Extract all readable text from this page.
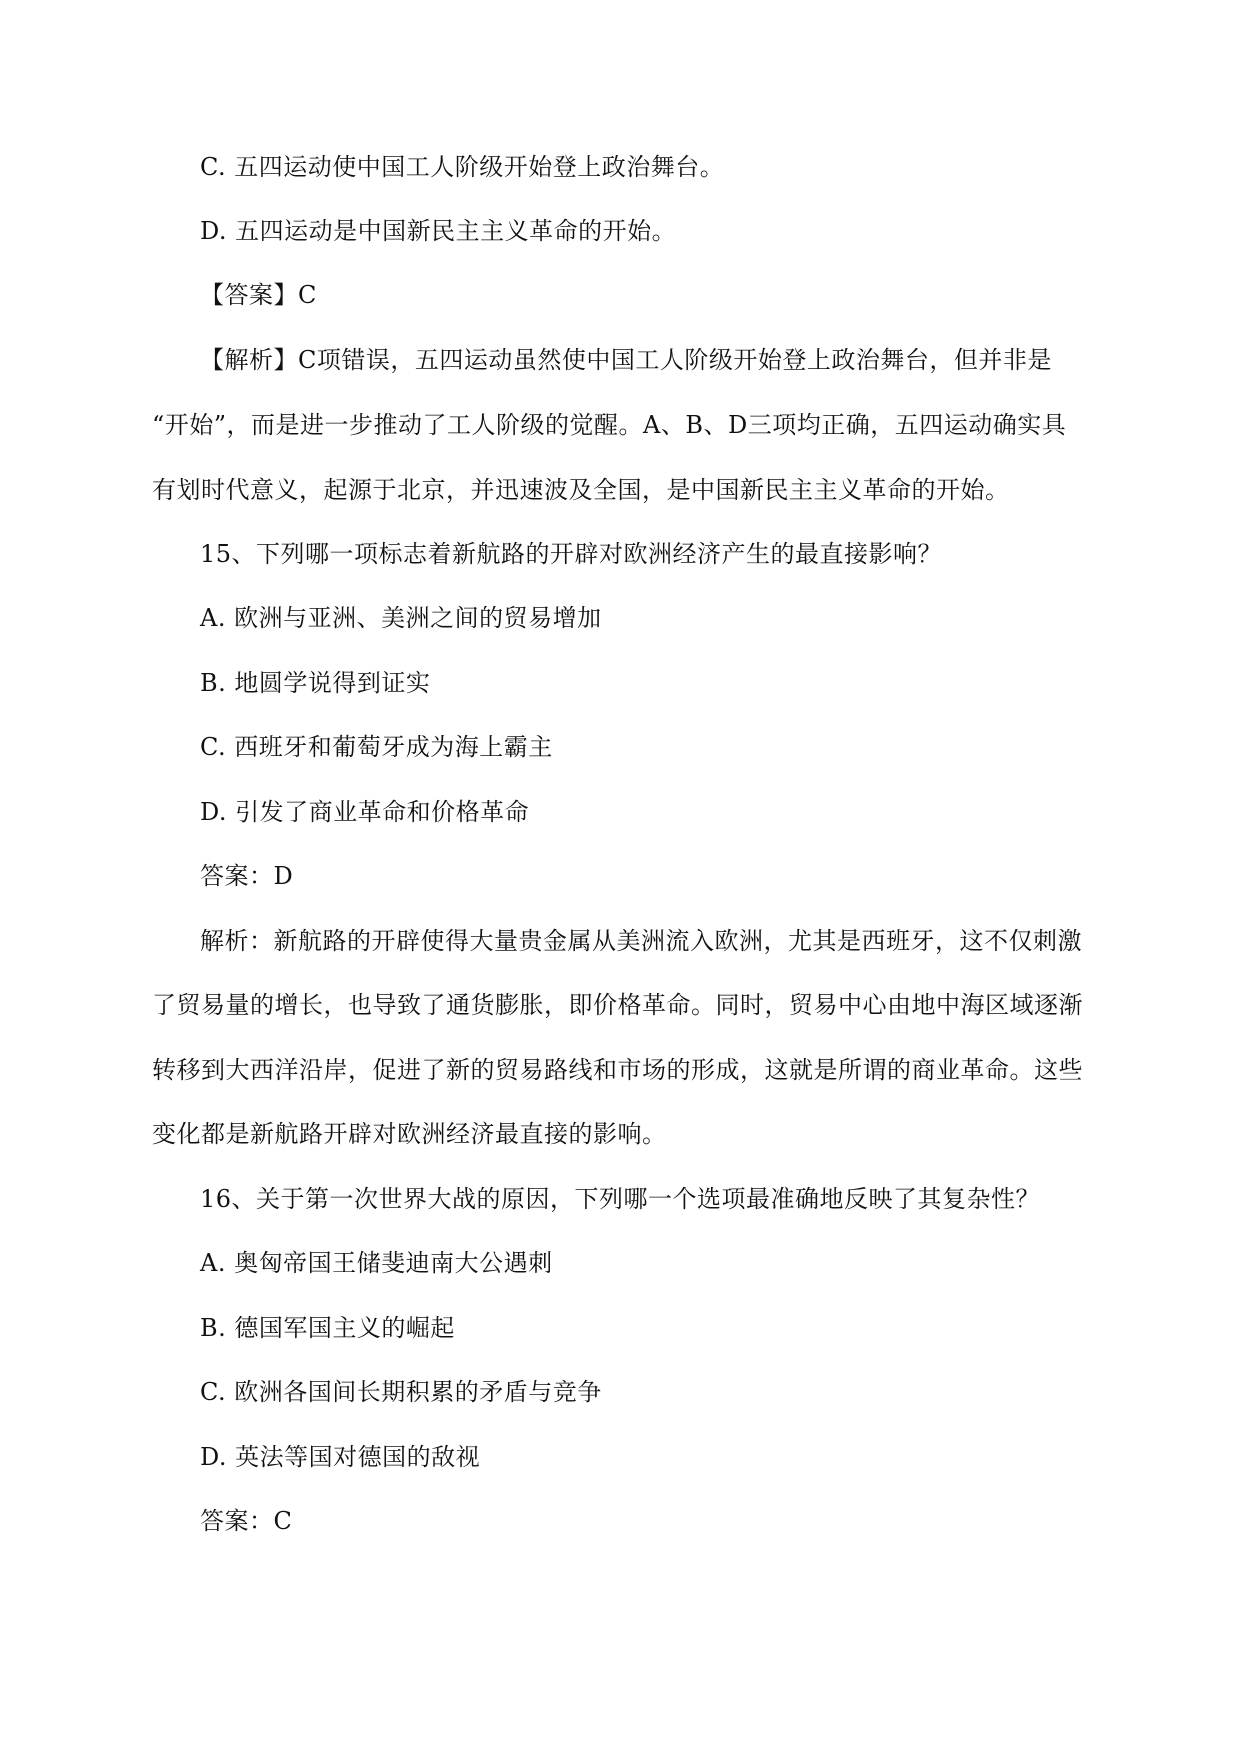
C. 五四运动使中国工人阶级开始登上政治舞台。
D. 五四运动是中国新民主主义革命的开始。
【答案】C
【解析】C项错误，五四运动虽然使中国工人阶级开始登上政治舞台，但并非是
“开始”，而是进一步推动了工人阶级的觉醒。A、B、D三项均正确，五四运动确实具
有划时代意义，起源于北京，并迅速波及全国，是中国新民主主义革命的开始。
15、下列哪一项标志着新航路的开辟对欧洲经济产生的最直接影响？
A. 欧洲与亚洲、美洲之间的贸易增加
B. 地圆学说得到证实
C. 西班牙和葡萄牙成为海上霸主
D. 引发了商业革命和价格革命
答案：D
解析：新航路的开辟使得大量贵金属从美洲流入欧洲，尤其是西班牙，这不仅刺激
了贸易量的增长，也导致了通货膨胀，即价格革命。同时，贸易中心由地中海区域逐渐
转移到大西洋沿岸，促进了新的贸易路线和市场的形成，这就是所谓的商业革命。这些
变化都是新航路开辟对欧洲经济最直接的影响。
16、关于第一次世界大战的原因，下列哪一个选项最准确地反映了其复杂性？
A. 奥匈帝国王储斐迪南大公遇刺
B. 德国军国主义的崛起
C. 欧洲各国间长期积累的矛盾与竞争
D. 英法等国对德国的敌视
答案：C
